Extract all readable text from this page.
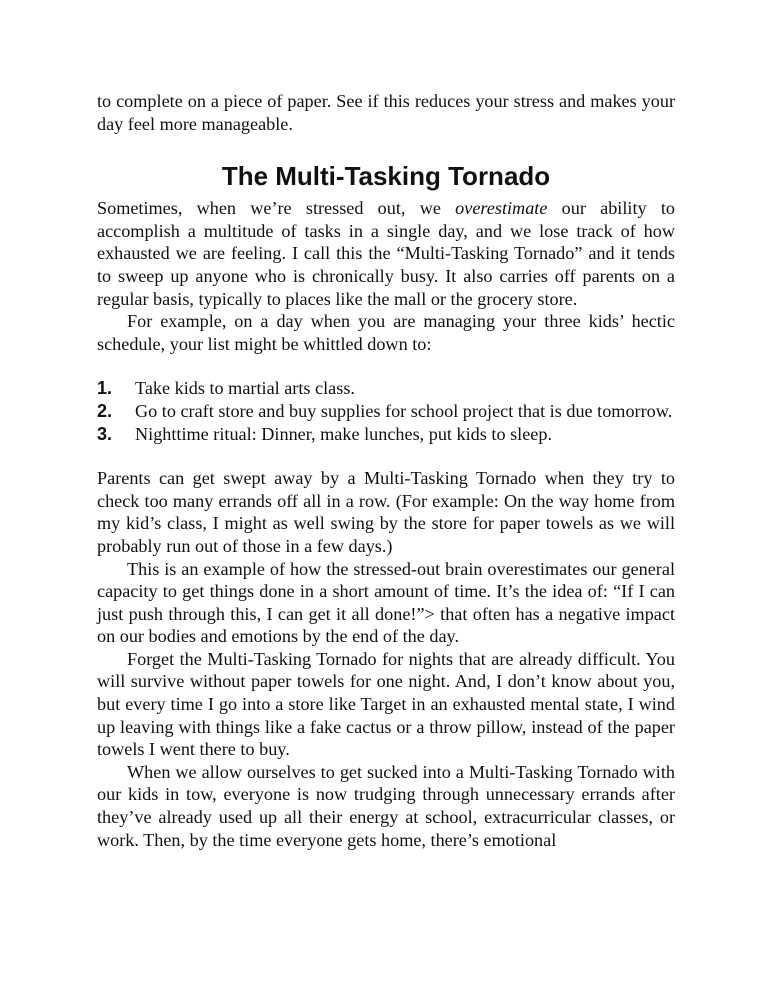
to complete on a piece of paper. See if this reduces your stress and makes your day feel more manageable.

The Multi-Tasking Tornado

Sometimes, when we’re stressed out, we overestimate our ability to accomplish a multitude of tasks in a single day, and we lose track of how exhausted we are feeling. I call this the “Multi-Tasking Tornado” and it tends to sweep up anyone who is chronically busy. It also carries off parents on a regular basis, typically to places like the mall or the grocery store.

For example, on a day when you are managing your three kids’ hectic schedule, your list might be whittled down to:

1. Take kids to martial arts class.
2. Go to craft store and buy supplies for school project that is due tomorrow.
3. Nighttime ritual: Dinner, make lunches, put kids to sleep.

Parents can get swept away by a Multi-Tasking Tornado when they try to check too many errands off all in a row. (For example: On the way home from my kid’s class, I might as well swing by the store for paper towels as we will probably run out of those in a few days.)

This is an example of how the stressed-out brain overestimates our general capacity to get things done in a short amount of time. It’s the idea of: “If I can just push through this, I can get it all done!”> that often has a negative impact on our bodies and emotions by the end of the day.

Forget the Multi-Tasking Tornado for nights that are already difficult. You will survive without paper towels for one night. And, I don’t know about you, but every time I go into a store like Target in an exhausted mental state, I wind up leaving with things like a fake cactus or a throw pillow, instead of the paper towels I went there to buy.

When we allow ourselves to get sucked into a Multi-Tasking Tornado with our kids in tow, everyone is now trudging through unnecessary errands after they’ve already used up all their energy at school, extracurricular classes, or work. Then, by the time everyone gets home, there’s emotional
